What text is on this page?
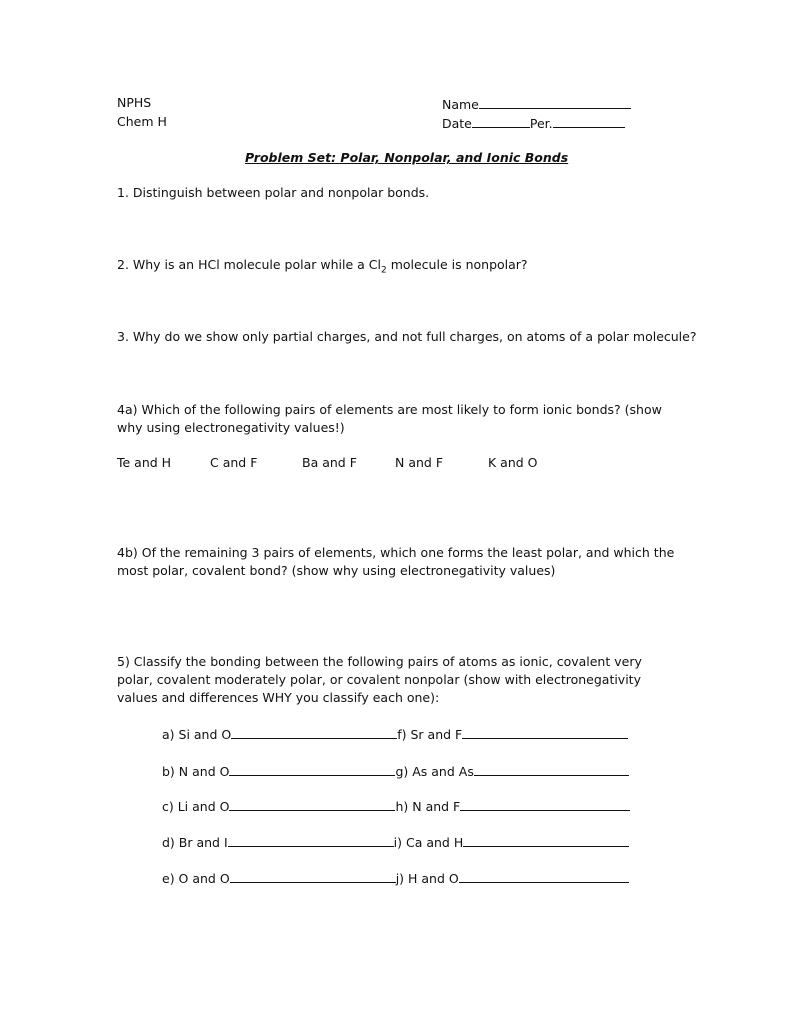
NPHS
Chem H
Name
Date	Per.
Problem Set: Polar, Nonpolar, and Ionic Bonds
1. Distinguish between polar and nonpolar bonds.
2. Why is an HCl molecule polar while a $Cl_2$ molecule is nonpolar?
3. Why do we show only partial charges, and not full charges, on atoms of a polar molecule?
4a) Which of the following pairs of elements are most likely to form ionic bonds? (show why using electronegativity values!)
Te and H	C and F	Ba and F	N and F	K and O
4b) Of the remaining 3 pairs of elements, which one forms the least polar, and which the most polar, covalent bond? (show why using electronegativity values)
5) Classify the bonding between the following pairs of atoms as ionic, covalent very polar, covalent moderately polar, or covalent nonpolar (show with electronegativity values and differences WHY you classify each one):
a) Si and O	f) Sr and F
b) N and O	g) As and As
c) Li and O	h) N and F
d) Br and I	i) Ca and H
e) O and O	j) H and O
